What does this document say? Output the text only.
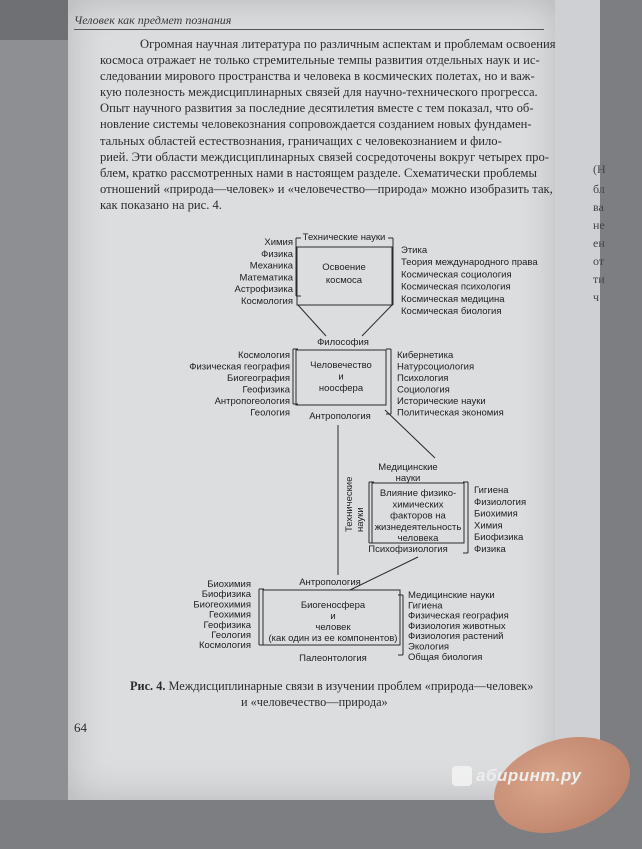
(Н
бл
ва
не
ен
от
ти
ч
Человек как предмет познания

Огромная научная литература по различным аспектам и проблемам освоения

космоса отражает не только стремительные темпы развития отдельных наук и ис-

следовании мирового пространства и человека в космических полетах, но и важ-

кую полезность междисциплинарных связей для научно-технического прогресса.

Опыт научного развития за последние десятилетия вместе с тем показал, что об-

новление системы человекознания сопровождается созданием новых фундамен-

тальных областей естествознания, граничащих с человекознанием и фило-

рией. Эти области междисциплинарных связей сосредоточены вокруг четырех про-

блем, кратко рассмотренных нами в настоящем разделе. Схематически проблемы

отношений «природа—человек» и «человечество—природа» можно изобразить так,

как показано на рис. 4.

Технические науки
Освоение
космоса
Химия
Физика
Механика
Математика
Астрофизика
Космология
Этика
Теория международного права
Космическая социология
Космическая психология
Космическая медицина
Космическая биология
Философия
Человечество
и
ноосфера
Космология
Физическая география
Биогеография
Геофизика
Антропогеология
Геология
Кибернетика
Натурсоциология
Психология
Социология
Исторические науки
Политическая экономия
Антропология
Технические науки
Медицинские
науки
Влияние физико-
химических
факторов на
жизнедеятельность
человека
Гигиена
Физиология
Биохимия
Химия
Биофизика
Физика
Психофизиология
Антропология
Биогеносфера
и
человек
(как один из ее компонентов)
Биохимия
Биофизика
Биогеохимия
Геохимия
Геофизика
Геология
Космология
Медицинские науки
Гигиена
Физическая география
Физиология животных
Физиология растений
Экология
Общая биология
Палеонтология
Рис. 4. Междисциплинарные связи в изучении проблем «природа—человек»
и «человечество—природа»
64
абиринт.ру
